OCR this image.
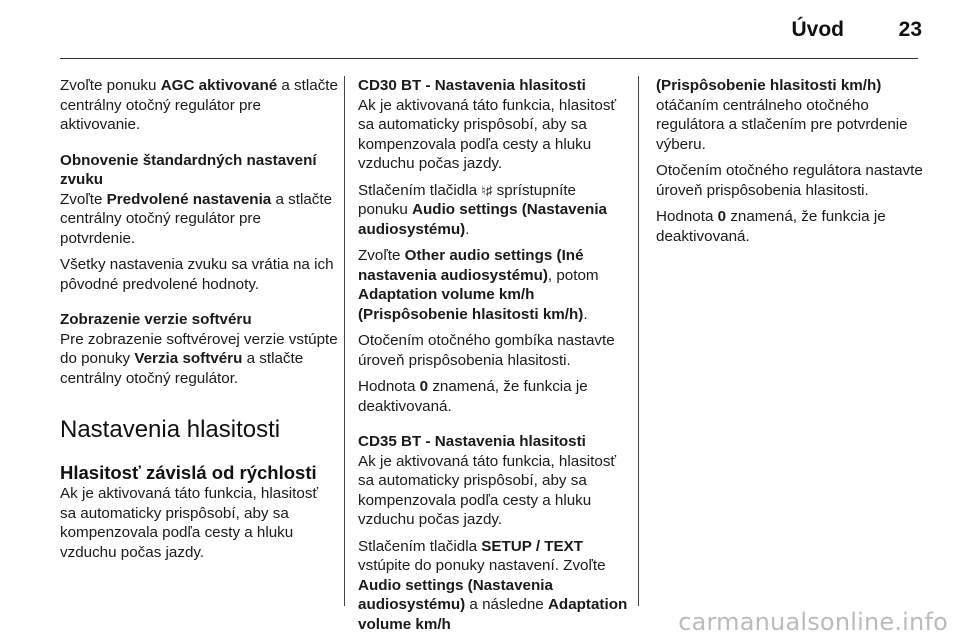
Úvod	23

Zvoľte ponuku AGC aktivované a stlačte centrálny otočný regulátor pre aktivovanie.

Obnovenie štandardných nastavení zvuku

Zvoľte Predvolené nastavenia a stlačte centrálny otočný regulátor pre potvrdenie.

Všetky nastavenia zvuku sa vrátia na ich pôvodné predvolené hodnoty.

Zobrazenie verzie softvéru

Pre zobrazenie softvérovej verzie vstúpte do ponuky Verzia softvéru a stlačte centrálny otočný regulátor.

Nastavenia hlasitosti
Hlasitosť závislá od rýchlosti

Ak je aktivovaná táto funkcia, hlasitosť sa automaticky prispôsobí, aby sa kompenzovala podľa cesty a hluku vzduchu počas jazdy.

CD30 BT - Nastavenia hlasitosti

Ak je aktivovaná táto funkcia, hlasitosť sa automaticky prispôsobí, aby sa kompenzovala podľa cesty a hluku vzduchu počas jazdy.

Stlačením tlačidla ♮♯ sprístupníte ponuku Audio settings (Nastavenia audiosystému).

Zvoľte Other audio settings (Iné nastavenia audiosystému), potom Adaptation volume km/h (Prispôsobenie hlasitosti km/h).

Otočením otočného gombíka nastavte úroveň prispôsobenia hlasitosti.

Hodnota 0 znamená, že funkcia je deaktivovaná.

CD35 BT - Nastavenia hlasitosti

Ak je aktivovaná táto funkcia, hlasitosť sa automaticky prispôsobí, aby sa kompenzovala podľa cesty a hluku vzduchu počas jazdy.

Stlačením tlačidla SETUP / TEXT vstúpite do ponuky nastavení. Zvoľte Audio settings (Nastavenia audiosystému) a následne Adaptation volume km/h

(Prispôsobenie hlasitosti km/h) otáčaním centrálneho otočného regulátora a stlačením pre potvrdenie výberu.

Otočením otočného regulátora nastavte úroveň prispôsobenia hlasitosti.

Hodnota 0 znamená, že funkcia je deaktivovaná.

carmanualsonline.info
